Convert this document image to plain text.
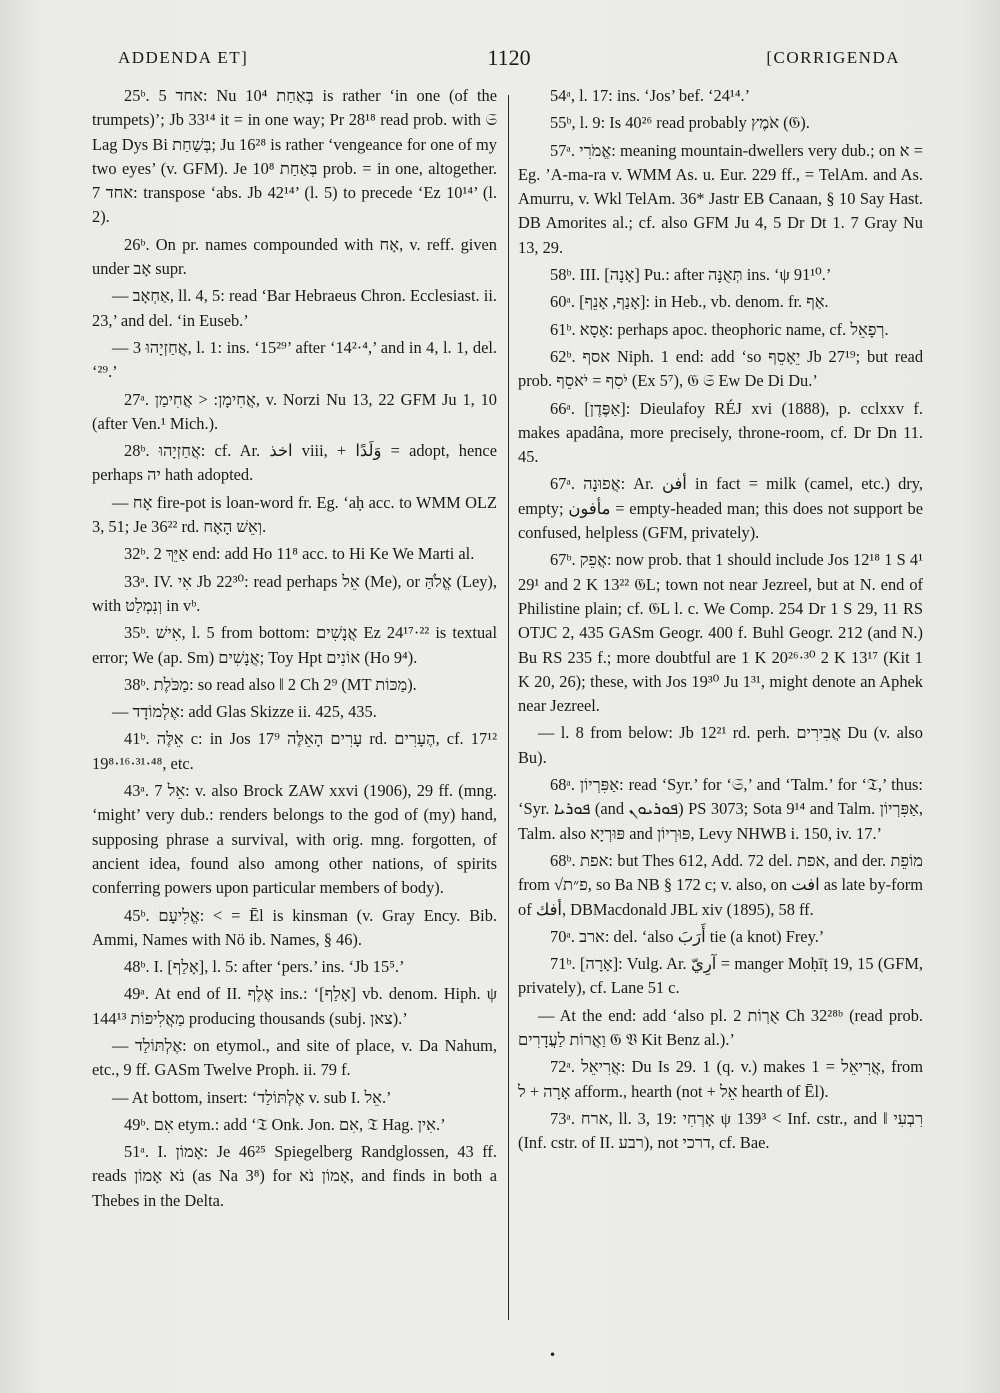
ADDENDA ET]	1120	[CORRIGENDA

25ᵇ. אחד 5: Nu 10⁴ בְּאַחַת is rather ‘in one (of the trumpets)’; Jb 33¹⁴ it = in one way; Pr 28¹⁸ read prob. with 𝔖 Lag Dys Bi בְּשַׁחַת; Ju 16²⁸ is rather ‘vengeance for one of my two eyes’ (v. GFM). Je 10⁸ בְּאַחַת prob. = in one, altogether. אחד 7: transpose ‘abs. Jb 42¹⁴’ (l. 5) to precede ‘Ez 10¹⁴’ (l. 2).

26ᵇ. On pr. names compounded with אָח, v. reff. given under אָב supr.

— אַחְאָב, ll. 4, 5: read ‘Bar Hebraeus Chron. Ecclesiast. ii. 23,’ and del. ‘in Euseb.’

— אֲחַזְיָהוּ 3, l. 1: ins. ‘15²⁹’ after ‘14²·⁴,’ and in 4, l. 1, del. ‘²⁹.’

27ᵃ. אֲחִימָן: < אֲחִימַן, v. Norzi Nu 13, 22 GFM Ju 1, 10 (after Ven.¹ Mich.).

28ᵇ. אֲחַזְיָהוּ: cf. Ar. اخذ viii, + وَلَدًا = adopt, hence perhaps יה hath adopted.

— אָח fire-pot is loan-word fr. Eg. ‘aḥ acc. to WMM OLZ 3, 51; Je 36²² rd. וְאֵשׁ הָאָח.

32ᵇ. אַיֵּךְ 2 end: add Ho 11⁸ acc. to Hi Ke We Marti al.

33ᵃ. IV. אִי Jb 22³⁰: read perhaps אֵל (Me), or אֱלֹהַּ (Ley), with וְנִמְלַט in vᵇ.

35ᵇ. אִישׁ, l. 5 from bottom: אֲנָשִׁים Ez 24¹⁷·²² is textual error; We (ap. Sm) אֲנָשִׁים; Toy Hpt אוֹנִים (Ho 9⁴).

38ᵇ. מַכֹּלֶת: so read also ‖ 2 Ch 2⁹ (MT מַכּוֹת).

— אֶלְמוֹדָד: add Glas Skizze ii. 425, 435.

41ᵇ. אֵלֶּה c: in Jos 17⁹ עָרִים הָאֵלֶּה rd. הֶעָרִים, cf. 17¹² 19⁸·¹⁶·³¹·⁴⁸, etc.

43ᵃ. אֵל 7: v. also Brock ZAW xxvi (1906), 29 ff. (mng. ‘might’ very dub.: renders belongs to the god of (my) hand, supposing phrase a survival, with orig. mng. forgotten, of ancient idea, found also among other nations, of spirits conferring powers upon particular members of body).

45ᵇ. אֱלִיעָם: < = Ēl is kinsman (v. Gray Ency. Bib. Ammi, Names with Nö ib. Names, § 46).

48ᵇ. I. [אָלַף], l. 5: after ‘pers.’ ins. ‘Jb 15⁵.’

49ᵃ. At end of II. אֶלֶף ins.: ‘[אָלַף] vb. denom. Hiph. ψ 144¹³ מַאֲלִיפוֹת producing thousands (subj. צאן).’

— אֶלְתּוֹלַד: on etymol., and site of place, v. Da Nahum, etc., 9 ff. GASm Twelve Proph. ii. 79 f.

— At bottom, insert: ‘אֶלְתּוֹלַד v. sub I. אֵל.’

49ᵇ. אִם etym.: add ‘𝔗 Onk. Jon. אִם, 𝔗 Hag. אִין.’

51ᵃ. I. אָמוֹן: Je 46²⁵ Spiegelberg Randglossen, 43 ff. reads נֹא אָמוֹן (as Na 3⁸) for אָמוֹן נֹא, and finds in both a Thebes in the Delta.

54ᵃ, l. 17: ins. ‘Jos’ bef. ‘24¹⁴.’

55ᵇ, l. 9: Is 40²⁶ read probably אֹמֶץ (𝔊).

57ᵃ. אֱמֹרִי: meaning mountain-dwellers very dub.; on א = Eg. ’A-ma-ra v. WMM As. u. Eur. 229 ff., = TelAm. and As. Amurru, v. Wkl TelAm. 36* Jastr EB Canaan, § 10 Say Hast. DB Amorites al.; cf. also GFM Ju 4, 5 Dr Dt 1. 7 Gray Nu 13, 29.

58ᵇ. III. [אָנָה] Pu.: after תְּאֻנָּה ins. ‘ψ 91¹⁰.’

60ᵃ. [אָנַף, אָנֵף]: in Heb., vb. denom. fr. אַף.

61ᵇ. אָסָא: perhaps apoc. theophoric name, cf. רְפָאֵל.

62ᵇ. אסף Niph. 1 end: add ‘so יֵאָסֵף Jb 27¹⁹; but read prob. יֹסִף = יֹאסֵף (Ex 5⁷), 𝔊 𝔖 Ew De Di Du.’

66ᵃ. [אַפֶּדֶן]: Dieulafoy RÉJ xvi (1888), p. cclxxv f. makes apadâna, more precisely, throne-room, cf. Dr Dn 11. 45.

67ᵃ. אֲפוּנָה: Ar. أفن in fact = milk (camel, etc.) dry, empty; مأفون = empty-headed man; this does not support be confused, helpless (GFM, privately).

67ᵇ. אֲפֵק: now prob. that 1 should include Jos 12¹⁸ 1 S 4¹ 29¹ and 2 K 13²² 𝔊L; town not near Jezreel, but at N. end of Philistine plain; cf. 𝔊L l. c. We Comp. 254 Dr 1 S 29, 11 RS OTJC 2, 435 GASm Geogr. 400 f. Buhl Geogr. 212 (and N.) Bu RS 235 f.; more doubtful are 1 K 20²⁶·³⁰ 2 K 13¹⁷ (Kit 1 K 20, 26); these, with Jos 19³⁰ Ju 1³¹, might denote an Aphek near Jezreel.

— l. 8 from below: Jb 12²¹ rd. perh. אֲבִירִים Du (v. also Bu).

68ᵃ. אַפִּרְיוֹן: read ‘Syr.’ for ‘𝔖,’ and ‘Talm.’ for ‘𝔗,’ thus: ‘Syr. ܦܘܪܝܐ (and ܦܘܪܝܘܢ) PS 3073; Sota 9¹⁴ and Talm. אַפִּרְיוֹן, Talm. also פּוּרְיָא and פּוּרְיוֹן, Levy NHWB i. 150, iv. 17.’

68ᵇ. אפת: but Thes 612, Add. 72 del. אפת, and der. מוֹפֵת from √פ״ת, so Ba NB § 172 c; v. also, on افت as late by-form of أفك, DBMacdonald JBL xiv (1895), 58 ff.

70ᵃ. ארב: del. ‘also أَرَبَ tie (a knot) Frey.’

71ᵇ. [אָרָה]: Vulg. Ar. آرِيّ = manger Moḥīṭ 19, 15 (GFM, privately), cf. Lane 51 c.

— At the end: add ‘also pl. אֻרְוֹת 2 Ch 32²⁸ᵇ (read prob. וַאֲרוֹת לַעֲדָרִים 𝔊 𝔙 Kit Benz al.).’

72ᵃ. אֲרִיאֵל: Du Is 29. 1 (q. v.) makes 1 = אֲרִיאֵל, from אָרָה + ל afform., hearth (not + אֵל hearth of Ēl).

73ᵃ. ארח, ll. 3, 19: אָרְחִי ψ 139³ < Inf. cstr., and ‖ רִבְעִי (Inf. cstr. of II. רבע), not דרכי, cf. Bae.

•
